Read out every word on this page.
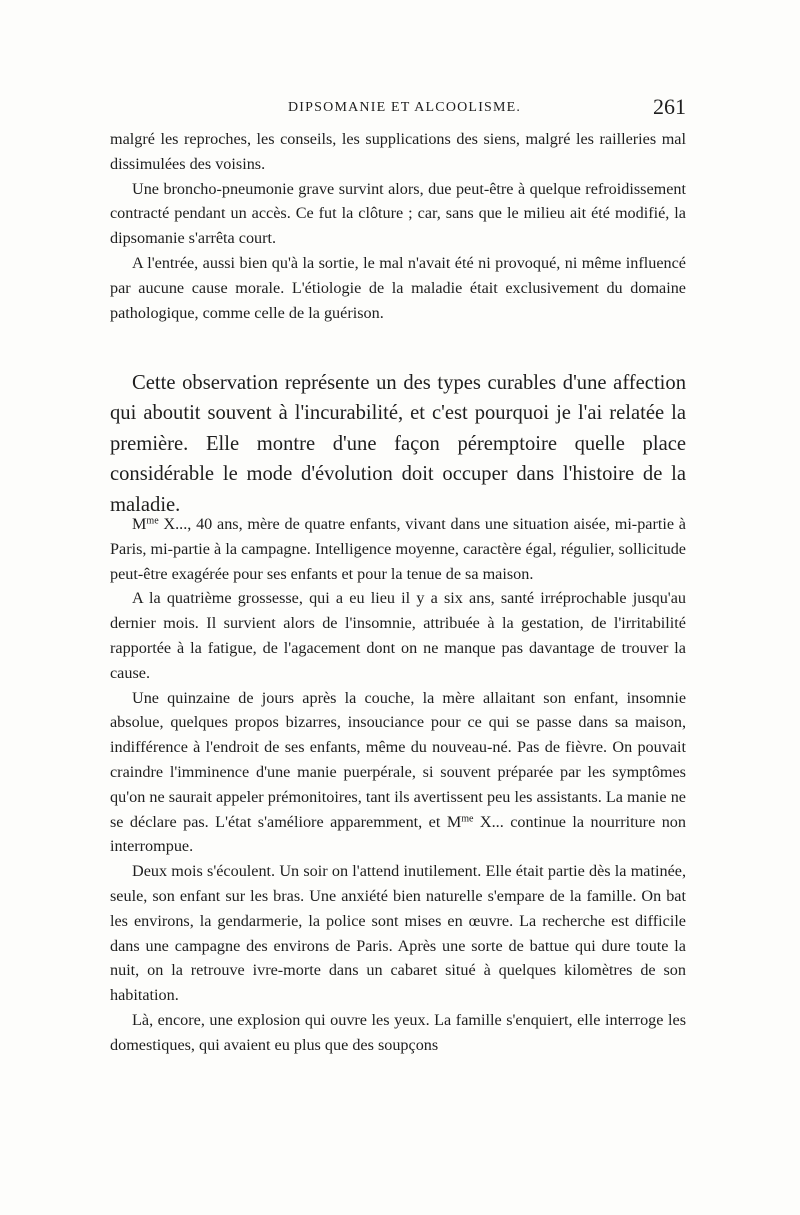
DIPSOMANIE ET ALCOOLISME.	261

malgré les reproches, les conseils, les supplications des siens, malgré les railleries mal dissimulées des voisins.

Une broncho-pneumonie grave survint alors, due peut-être à quelque refroidissement contracté pendant un accès. Ce fut la clôture ; car, sans que le milieu ait été modifié, la dipsomanie s'arrêta court.

A l'entrée, aussi bien qu'à la sortie, le mal n'avait été ni provoqué, ni même influencé par aucune cause morale. L'étiologie de la maladie était exclusivement du domaine pathologique, comme celle de la guérison.

Cette observation représente un des types curables d'une affection qui aboutit souvent à l'incurabilité, et c'est pourquoi je l'ai relatée la première. Elle montre d'une façon péremptoire quelle place considérable le mode d'évolution doit occuper dans l'histoire de la maladie.

$M^{me}$ X..., 40 ans, mère de quatre enfants, vivant dans une situation aisée, mi-partie à Paris, mi-partie à la campagne. Intelligence moyenne, caractère égal, régulier, sollicitude peut-être exagérée pour ses enfants et pour la tenue de sa maison.

A la quatrième grossesse, qui a eu lieu il y a six ans, santé irréprochable jusqu'au dernier mois. Il survient alors de l'insomnie, attribuée à la gestation, de l'irritabilité rapportée à la fatigue, de l'agacement dont on ne manque pas davantage de trouver la cause.

Une quinzaine de jours après la couche, la mère allaitant son enfant, insomnie absolue, quelques propos bizarres, insouciance pour ce qui se passe dans sa maison, indifférence à l'endroit de ses enfants, même du nouveau-né. Pas de fièvre. On pouvait craindre l'imminence d'une manie puerpérale, si souvent préparée par les symptômes qu'on ne saurait appeler prémonitoires, tant ils avertissent peu les assistants. La manie ne se déclare pas. L'état s'améliore apparemment, et $M^{me}$ X... continue la nourriture non interrompue.

Deux mois s'écoulent. Un soir on l'attend inutilement. Elle était partie dès la matinée, seule, son enfant sur les bras. Une anxiété bien naturelle s'empare de la famille. On bat les environs, la gendarmerie, la police sont mises en œuvre. La recherche est difficile dans une campagne des environs de Paris. Après une sorte de battue qui dure toute la nuit, on la retrouve ivre-morte dans un cabaret situé à quelques kilomètres de son habitation.

Là, encore, une explosion qui ouvre les yeux. La famille s'enquiert, elle interroge les domestiques, qui avaient eu plus que des soupçons
